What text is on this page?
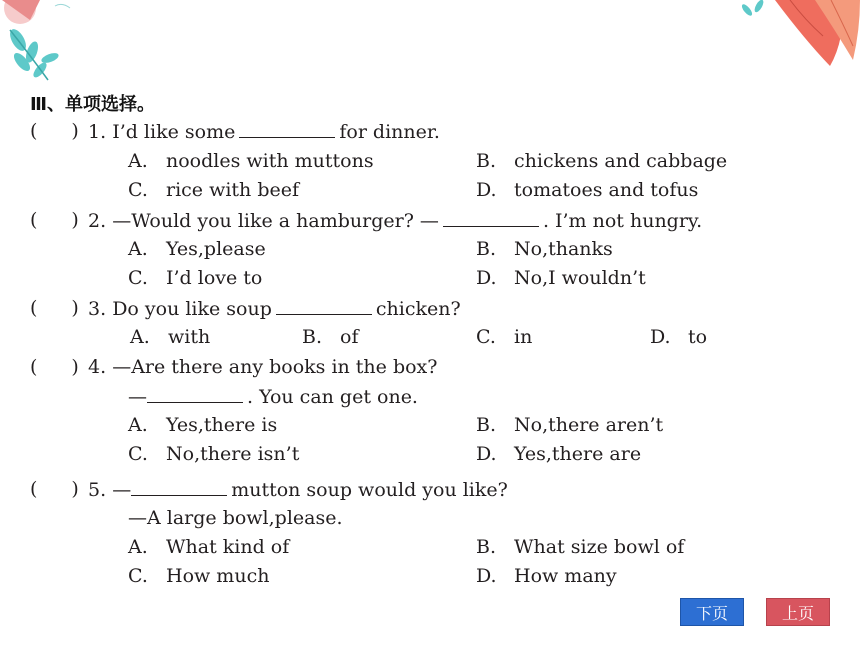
Ⅲ、单项选择。
( ) 1. I’d like some	for dinner.
A. noodles with muttons	B. chickens and cabbage
C. rice with beef	D. tomatoes and tofus
( ) 2. —Would you like a hamburger? —	. I’m not hungry.
A. Yes,please	B. No,thanks
C. I’d love to	D. No,I wouldn’t
( ) 3. Do you like soup	chicken?
A. with	B. of	C. in	D. to
( ) 4. —Are there any books in the box?
—	. You can get one.
A. Yes,there is	B. No,there aren’t
C. No,there isn’t	D. Yes,there are
( ) 5. —	mutton soup would you like?
—A large bowl,please.
A. What kind of	B. What size bowl of
C. How much	D. How many
下页	上页
